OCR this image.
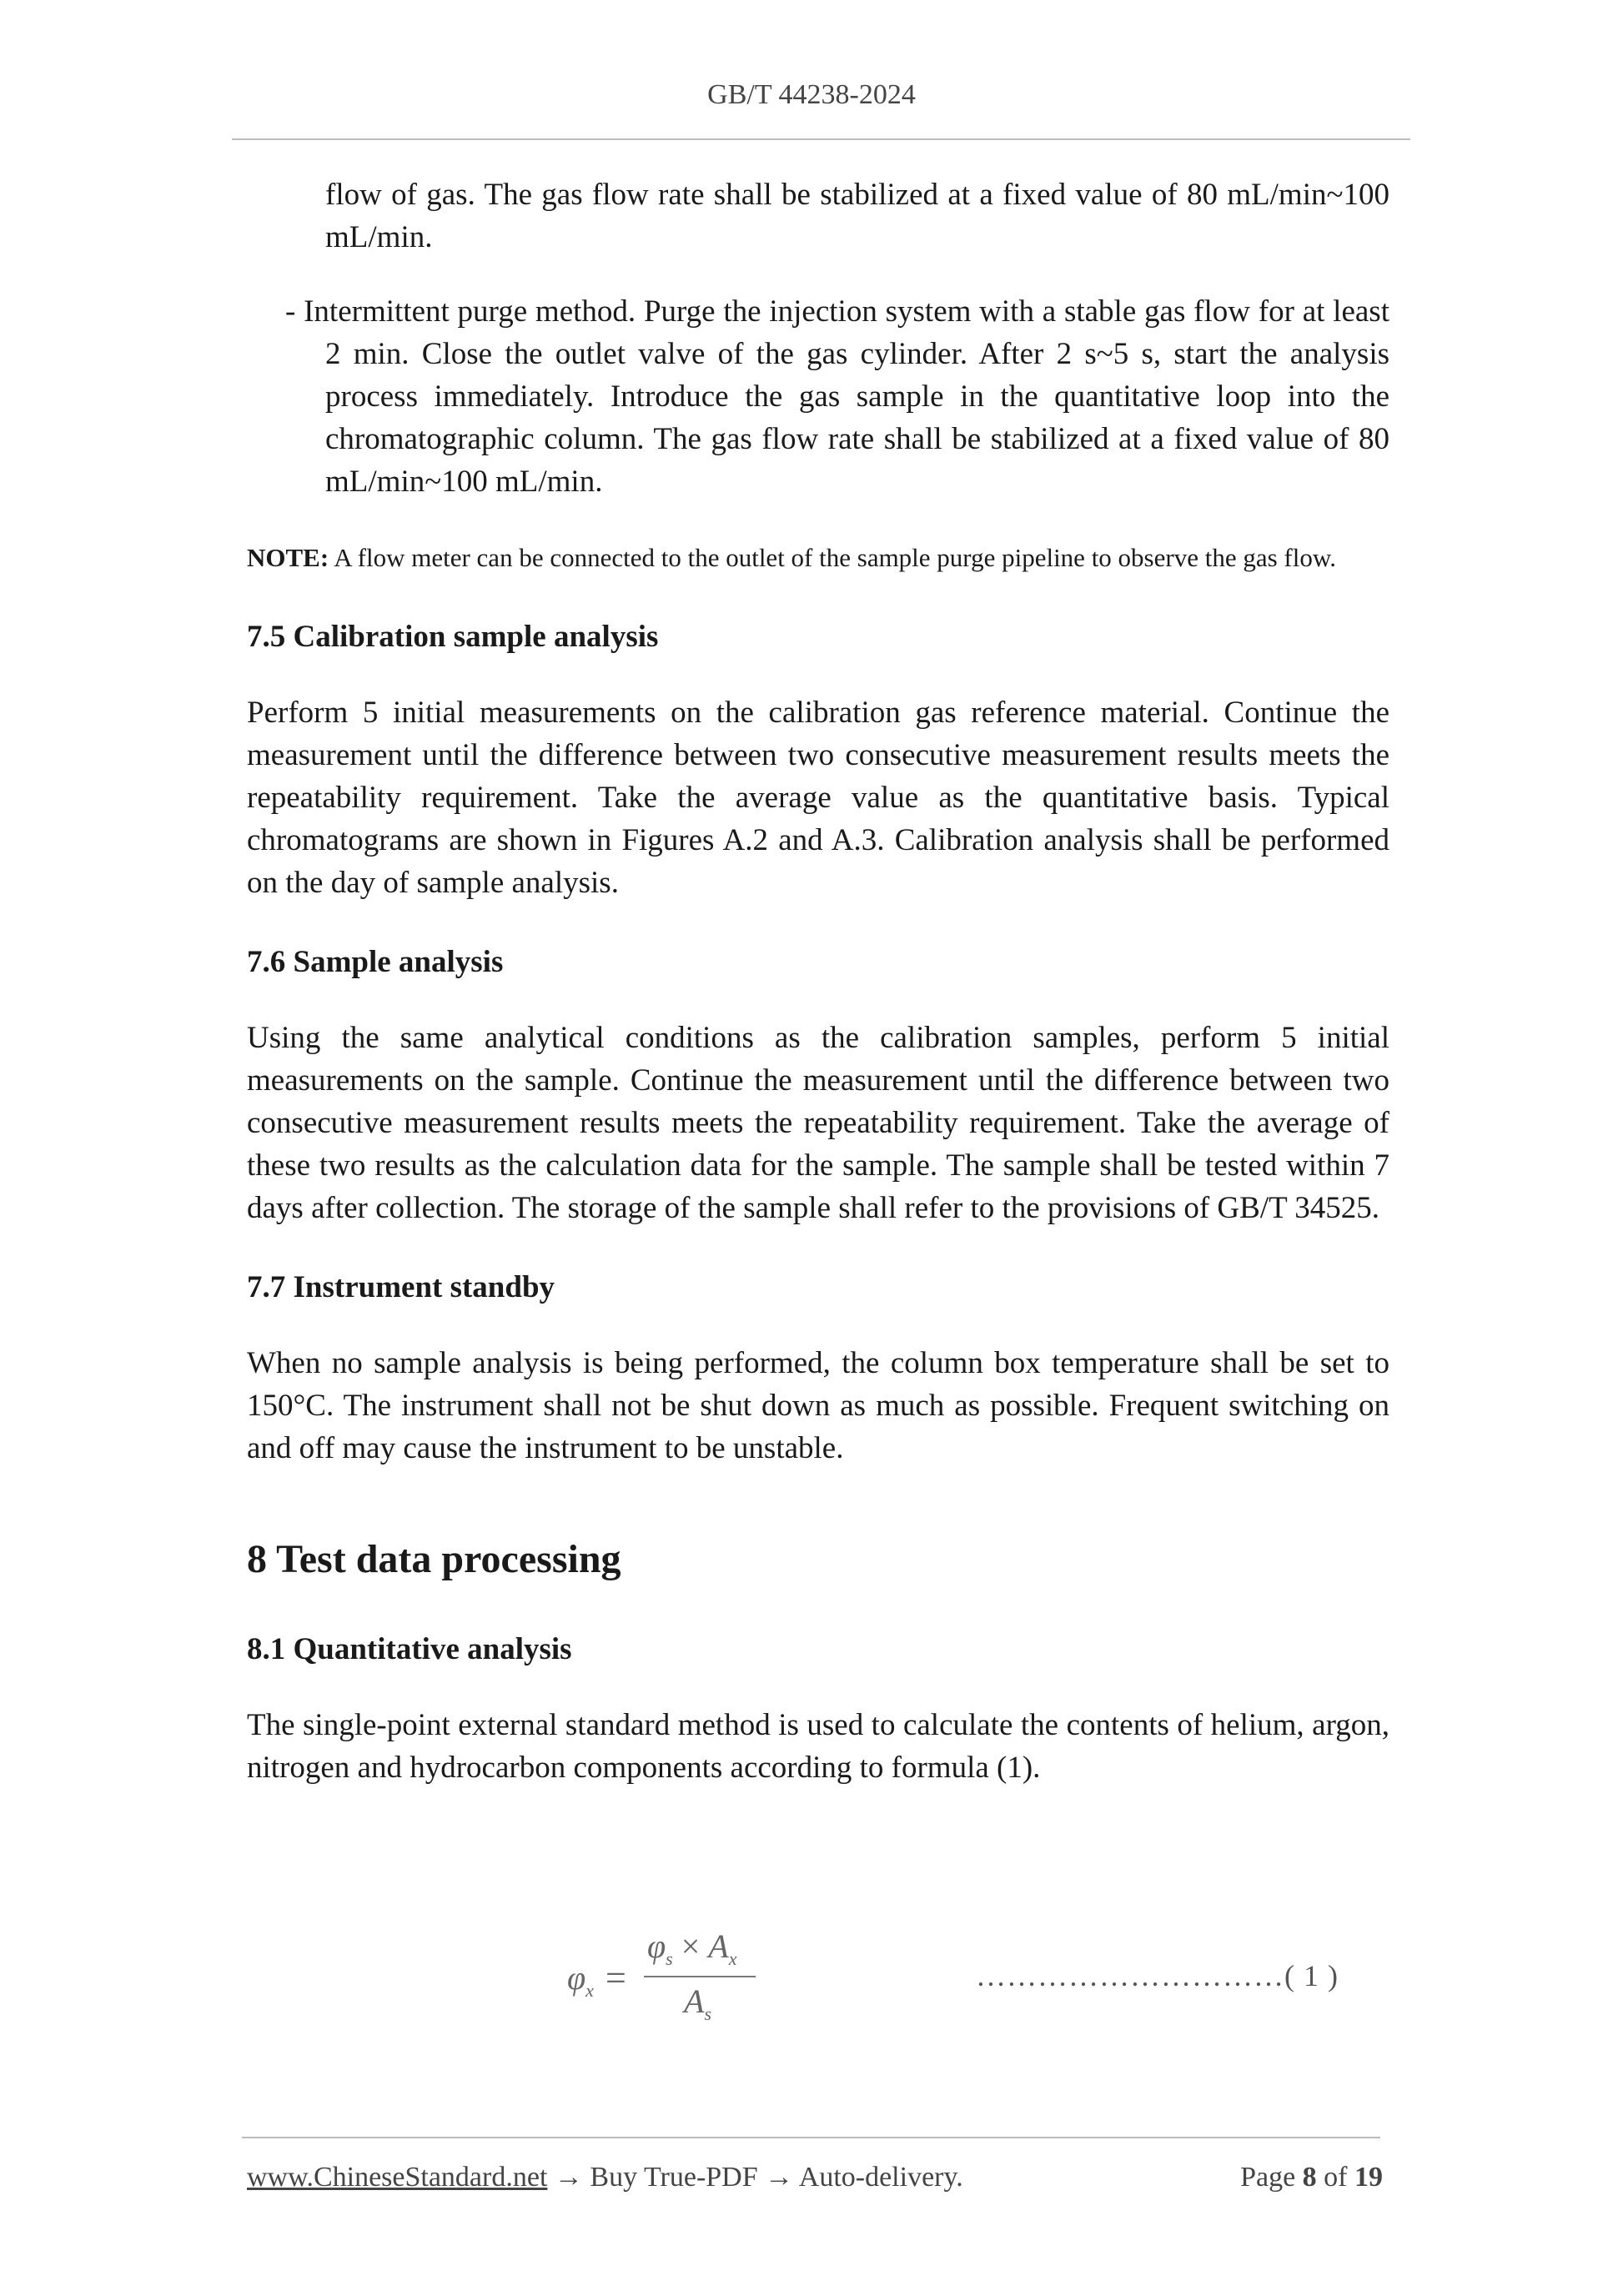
GB/T 44238-2024

flow of gas. The gas flow rate shall be stabilized at a fixed value of 80 mL/min~100 mL/min.

- Intermittent purge method. Purge the injection system with a stable gas flow for at least 2 min. Close the outlet valve of the gas cylinder. After 2 s~5 s, start the analysis process immediately. Introduce the gas sample in the quantitative loop into the chromatographic column. The gas flow rate shall be stabilized at a fixed value of 80 mL/min~100 mL/min.

NOTE: A flow meter can be connected to the outlet of the sample purge pipeline to observe the gas flow.

7.5 Calibration sample analysis

Perform 5 initial measurements on the calibration gas reference material. Continue the measurement until the difference between two consecutive measurement results meets the repeatability requirement. Take the average value as the quantitative basis. Typical chromatograms are shown in Figures A.2 and A.3. Calibration analysis shall be performed on the day of sample analysis.

7.6 Sample analysis

Using the same analytical conditions as the calibration samples, perform 5 initial measurements on the sample. Continue the measurement until the difference between two consecutive measurement results meets the repeatability requirement. Take the average of these two results as the calculation data for the sample. The sample shall be tested within 7 days after collection. The storage of the sample shall refer to the provisions of GB/T 34525.

7.7 Instrument standby

When no sample analysis is being performed, the column box temperature shall be set to 150°C. The instrument shall not be shut down as much as possible. Frequent switching on and off may cause the instrument to be unstable.

8 Test data processing
8.1 Quantitative analysis

The single-point external standard method is used to calculate the contents of helium, argon, nitrogen and hydrocarbon components according to formula (1).

$\varphi_x$ =
$\varphi_s \times A_x$
$A_s$
…………………………( 1 )
www.ChineseStandard.net → Buy True-PDF → Auto-delivery.	Page 8 of 19
